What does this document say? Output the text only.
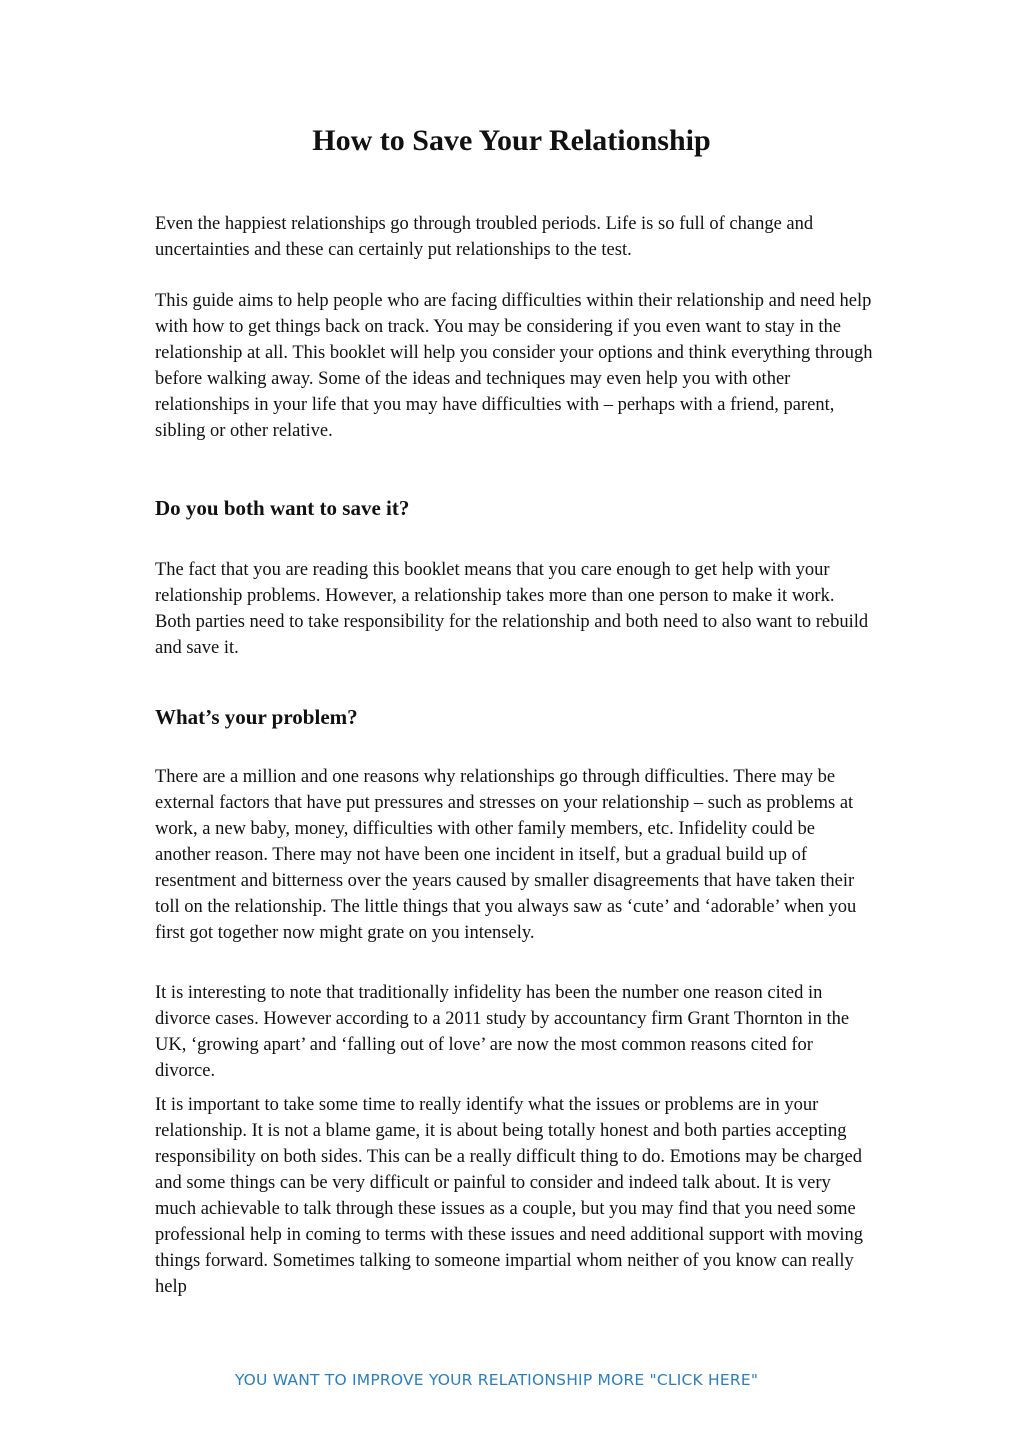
How to Save Your Relationship

Even the happiest relationships go through troubled periods. Life is so full of change and uncertainties and these can certainly put relationships to the test.

This guide aims to help people who are facing difficulties within their relationship and need help with how to get things back on track. You may be considering if you even want to stay in the relationship at all. This booklet will help you consider your options and think everything through before walking away. Some of the ideas and techniques may even help you with other relationships in your life that you may have difficulties with – perhaps with a friend, parent, sibling or other relative.

Do you both want to save it?

The fact that you are reading this booklet means that you care enough to get help with your relationship problems. However, a relationship takes more than one person to make it work. Both parties need to take responsibility for the relationship and both need to also want to rebuild and save it.

What’s your problem?

There are a million and one reasons why relationships go through difficulties. There may be external factors that have put pressures and stresses on your relationship – such as problems at work, a new baby, money, difficulties with other family members, etc. Infidelity could be another reason. There may not have been one incident in itself, but a gradual build up of resentment and bitterness over the years caused by smaller disagreements that have taken their toll on the relationship. The little things that you always saw as ‘cute’ and ‘adorable’ when you first got together now might grate on you intensely.

It is interesting to note that traditionally infidelity has been the number one reason cited in divorce cases. However according to a 2011 study by accountancy firm Grant Thornton in the UK, ‘growing apart’ and ‘falling out of love’ are now the most common reasons cited for divorce.

It is important to take some time to really identify what the issues or problems are in your relationship. It is not a blame game, it is about being totally honest and both parties accepting responsibility on both sides. This can be a really difficult thing to do. Emotions may be charged and some things can be very difficult or painful to consider and indeed talk about. It is very much achievable to talk through these issues as a couple, but you may find that you need some professional help in coming to terms with these issues and need additional support with moving things forward. Sometimes talking to someone impartial whom neither of you know can really help

YOU WANT TO IMPROVE YOUR RELATIONSHIP MORE "CLICK HERE"
